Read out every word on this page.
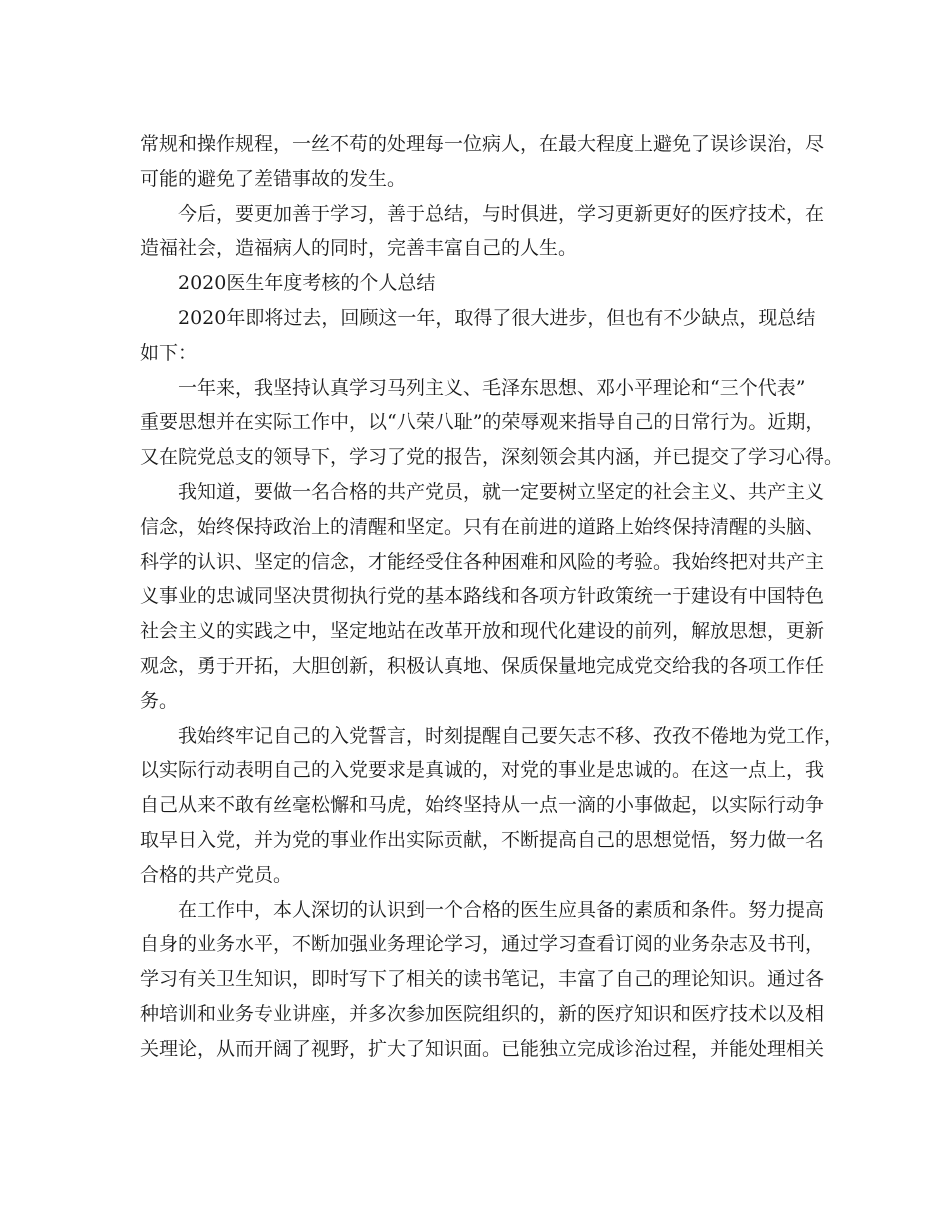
常规和操作规程，一丝不苟的处理每一位病人，在最大程度上避免了误诊误治，尽
可能的避免了差错事故的发生。
今后，要更加善于学习，善于总结，与时俱进，学习更新更好的医疗技术，在
造福社会，造福病人的同时，完善丰富自己的人生。
2020医生年度考核的个人总结
2020年即将过去，回顾这一年，取得了很大进步，但也有不少缺点，现总结
如下：
一年来，我坚持认真学习马列主义、毛泽东思想、邓小平理论和“三个代表”
重要思想并在实际工作中，以“八荣八耻”的荣辱观来指导自己的日常行为。近期，
又在院党总支的领导下，学习了党的报告，深刻领会其内涵，并已提交了学习心得。
我知道，要做一名合格的共产党员，就一定要树立坚定的社会主义、共产主义
信念，始终保持政治上的清醒和坚定。只有在前进的道路上始终保持清醒的头脑、
科学的认识、坚定的信念，才能经受住各种困难和风险的考验。我始终把对共产主
义事业的忠诚同坚决贯彻执行党的基本路线和各项方针政策统一于建设有中国特色
社会主义的实践之中，坚定地站在改革开放和现代化建设的前列，解放思想，更新
观念，勇于开拓，大胆创新，积极认真地、保质保量地完成党交给我的各项工作任
务。
我始终牢记自己的入党誓言，时刻提醒自己要矢志不移、孜孜不倦地为党工作，
以实际行动表明自己的入党要求是真诚的，对党的事业是忠诚的。在这一点上，我
自己从来不敢有丝毫松懈和马虎，始终坚持从一点一滴的小事做起，以实际行动争
取早日入党，并为党的事业作出实际贡献，不断提高自己的思想觉悟，努力做一名
合格的共产党员。
在工作中，本人深切的认识到一个合格的医生应具备的素质和条件。努力提高
自身的业务水平，不断加强业务理论学习，通过学习查看订阅的业务杂志及书刊，
学习有关卫生知识，即时写下了相关的读书笔记，丰富了自己的理论知识。通过各
种培训和业务专业讲座，并多次参加医院组织的，新的医疗知识和医疗技术以及相
关理论，从而开阔了视野，扩大了知识面。已能独立完成诊治过程，并能处理相关
